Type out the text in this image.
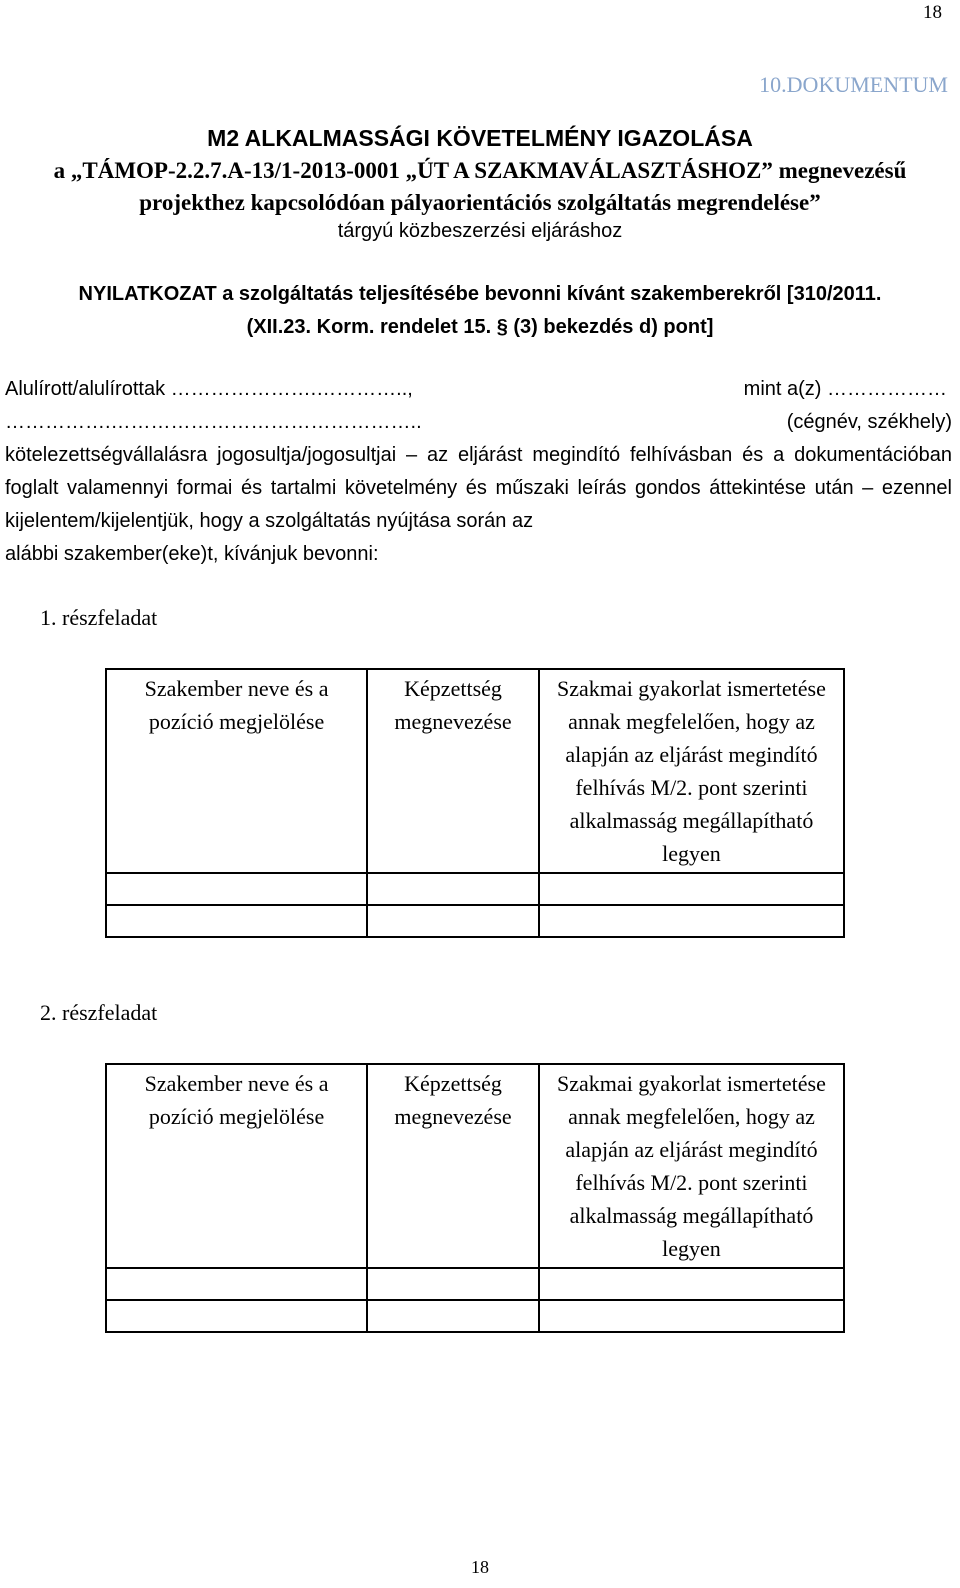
18
10.DOKUMENTUM
M2 ALKALMASSÁGI KÖVETELMÉNY IGAZOLÁSA
a „TÁMOP-2.2.7.A-13/1-2013-0001 „ÚT A SZAKMAVÁLASZTÁSHOZ” megnevezésű
projekthez kapcsolódóan pályaorientációs szolgáltatás megrendelése”
tárgyú közbeszerzési eljáráshoz
NYILATKOZAT a szolgáltatás teljesítésébe bevonni kívánt szakemberekről [310/2011.
(XII.23. Korm. rendelet 15. § (3) bekezdés d) pont]
Alulírott/alulírottak ………………….…………..,	mint a(z) ………………
…………….………………………………………..	(cégnév, székhely)
kötelezettségvállalásra jogosultja/jogosultjai – az eljárást megindító felhívásban és a dokumentációban foglalt valamennyi formai és tartalmi követelmény és műszaki leírás gondos áttekintése után – ezennel kijelentem/kijelentjük, hogy a szolgáltatás nyújtása során az
alábbi szakember(eke)t, kívánjuk bevonni:
1. részfeladat
Szakember neve és a pozíció megjelölése	Képzettség megnevezése	Szakmai gyakorlat ismertetése annak megfelelően, hogy az alapján az eljárást megindító felhívás M/2. pont szerinti alkalmasság megállapítható legyen

2. részfeladat
Szakember neve és a pozíció megjelölése	Képzettség megnevezése	Szakmai gyakorlat ismertetése annak megfelelően, hogy az alapján az eljárást megindító felhívás M/2. pont szerinti alkalmasság megállapítható legyen

18
